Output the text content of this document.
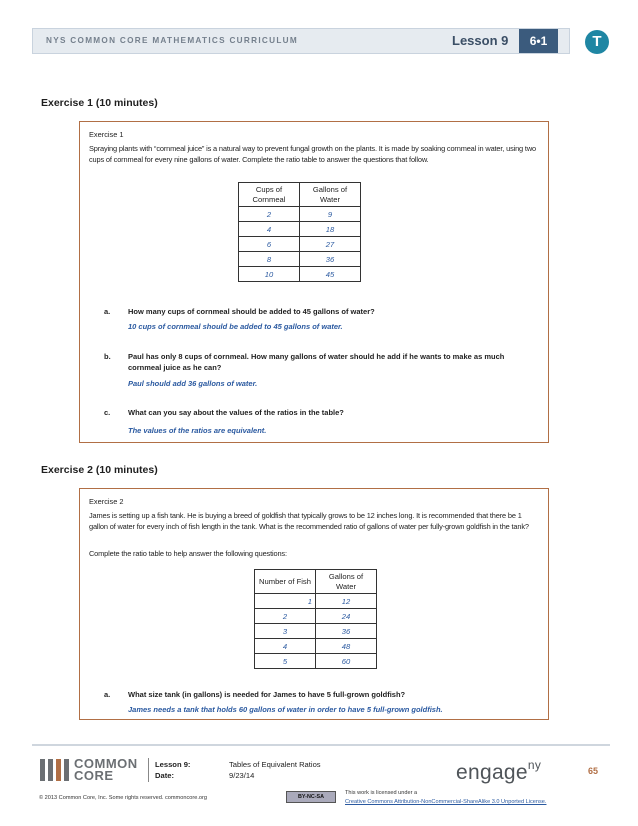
NYS COMMON CORE MATHEMATICS CURRICULUM	Lesson 9	6•1	T
Exercise 1 (10 minutes)
Exercise 1
Spraying plants with “cornmeal juice” is a natural way to prevent fungal growth on the plants. It is made by soaking cornmeal in water, using two cups of cornmeal for every nine gallons of water. Complete the ratio table to answer the questions that follow.
Cups of Cornmeal	Gallons of Water
2	9
4	18
6	27
8	36
10	45
a. How many cups of cornmeal should be added to 45 gallons of water?
10 cups of cornmeal should be added to 45 gallons of water.
b. Paul has only 8 cups of cornmeal. How many gallons of water should he add if he wants to make as much cornmeal juice as he can?
Paul should add 36 gallons of water.
c. What can you say about the values of the ratios in the table?
The values of the ratios are equivalent.
Exercise 2 (10 minutes)
Exercise 2
James is setting up a fish tank. He is buying a breed of goldfish that typically grows to be 12 inches long. It is recommended that there be 1 gallon of water for every inch of fish length in the tank. What is the recommended ratio of gallons of water per fully-grown goldfish in the tank?
Complete the ratio table to help answer the following questions:
Number of Fish	Gallons of Water
1	12
2	24
3	36
4	48
5	60
a. What size tank (in gallons) is needed for James to have 5 full-grown goldfish?
James needs a tank that holds 60 gallons of water in order to have 5 full-grown goldfish.
COMMON
CORE
Lesson 9:
Date:
Tables of Equivalent Ratios
9/23/14	engage$^{ny}$	65
© 2013 Common Core, Inc. Some rights reserved. commoncore.org	BY-NC-SA
This work is licensed under a
Creative Commons Attribution-NonCommercial-ShareAlike 3.0 Unported License.
